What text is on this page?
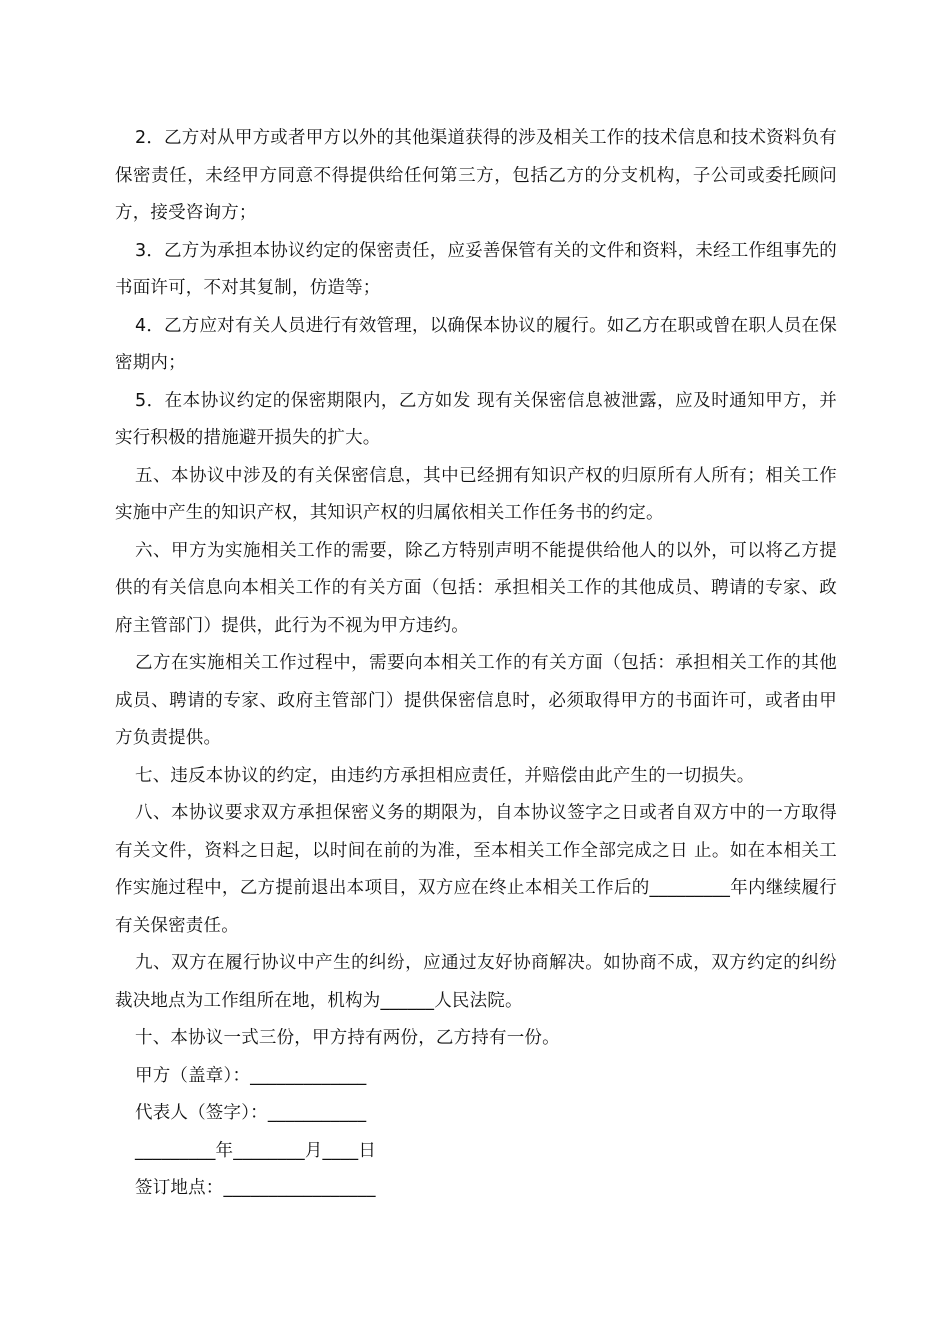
2．乙方对从甲方或者甲方以外的其他渠道获得的涉及相关工作的技术信息和技术资料负有保密责任，未经甲方同意不得提供给任何第三方，包括乙方的分支机构，子公司或委托顾问方，接受咨询方；

3．乙方为承担本协议约定的保密责任，应妥善保管有关的文件和资料，未经工作组事先的书面许可，不对其复制，仿造等；

4．乙方应对有关人员进行有效管理，以确保本协议的履行。如乙方在职或曾在职人员在保密期内；

5．在本协议约定的保密期限内，乙方如发 现有关保密信息被泄露，应及时通知甲方，并实行积极的措施避开损失的扩大。

五、本协议中涉及的有关保密信息，其中已经拥有知识产权的归原所有人所有；相关工作实施中产生的知识产权，其知识产权的归属依相关工作任务书的约定。

六、甲方为实施相关工作的需要，除乙方特别声明不能提供给他人的以外，可以将乙方提供的有关信息向本相关工作的有关方面（包括：承担相关工作的其他成员、聘请的专家、政府主管部门）提供，此行为不视为甲方违约。

乙方在实施相关工作过程中，需要向本相关工作的有关方面（包括：承担相关工作的其他成员、聘请的专家、政府主管部门）提供保密信息时，必须取得甲方的书面许可，或者由甲方负责提供。

七、违反本协议的约定，由违约方承担相应责任，并赔偿由此产生的一切损失。

八、本协议要求双方承担保密义务的期限为，自本协议签字之日或者自双方中的一方取得有关文件，资料之日起，以时间在前的为准，至本相关工作全部完成之日 止。如在本相关工作实施过程中，乙方提前退出本项目，双方应在终止本相关工作后的_________年内继续履行有关保密责任。

九、双方在履行协议中产生的纠纷，应通过友好协商解决。如协商不成，双方约定的纠纷裁决地点为工作组所在地，机构为______人民法院。

十、本协议一式三份，甲方持有两份，乙方持有一份。

甲方（盖章）：_____________

代表人（签字）：___________

_________年________月____日

签订地点：_________________
